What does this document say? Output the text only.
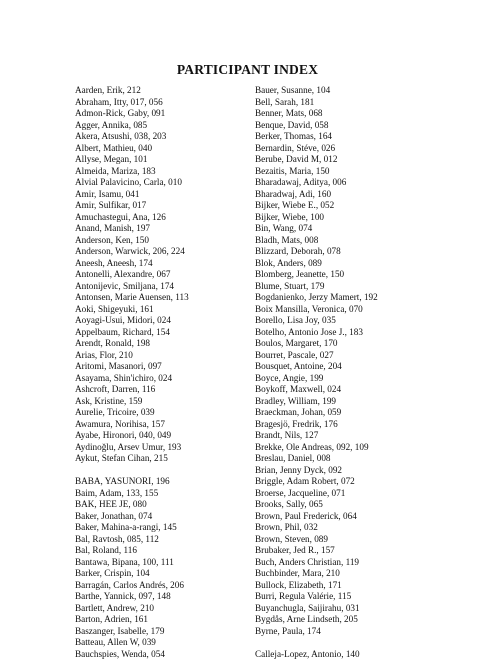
PARTICIPANT INDEX
Aarden, Erik, 212
Abraham, Itty, 017, 056
Admon-Rick, Gaby, 091
Agger, Annika, 085
Akera, Atsushi, 038, 203
Albert, Mathieu, 040
Allyse, Megan, 101
Almeida, Mariza, 183
Alvial Palavicino, Carla, 010
Amir, Isamu, 041
Amir, Sulfikar, 017
Amuchastegui, Ana, 126
Anand, Manish, 197
Anderson, Ken, 150
Anderson, Warwick, 206, 224
Aneesh, Aneesh, 174
Antonelli, Alexandre, 067
Antonijevic, Smiljana, 174
Antonsen, Marie Auensen, 113
Aoki, Shigeyuki, 161
Aoyagi-Usui, Midori, 024
Appelbaum, Richard, 154
Arendt, Ronald, 198
Arias, Flor, 210
Aritomi, Masanori, 097
Asayama, Shin'ichiro, 024
Ashcroft, Darren, 116
Ask, Kristine, 159
Aurelie, Tricoire, 039
Awamura, Norihisa, 157
Ayabe, Hironori, 040, 049
Aydinoğlu, Arsev Umur, 193
Aykut, Stefan Cihan, 215
BABA, YASUNORI, 196
Baim, Adam, 133, 155
BAK, HEE JE, 080
Baker, Jonathan, 074
Baker, Mahina-a-rangi, 145
Bal, Ravtosh, 085, 112
Bal, Roland, 116
Bantawa, Bipana, 100, 111
Barker, Crispin, 104
Barragán, Carlos Andrés, 206
Barthe, Yannick, 097, 148
Bartlett, Andrew, 210
Barton, Adrien, 161
Baszanger, Isabelle, 179
Batteau, Allen W, 039
Bauchspies, Wenda, 054
Bauer, Susanne, 104
Bell, Sarah, 181
Benner, Mats, 068
Benque, David, 058
Berker, Thomas, 164
Bernardin, Stéve, 026
Berube, David M, 012
Bezaitis, Maria, 150
Bharadawaj, Aditya, 006
Bharadwaj, Adi, 160
Bijker, Wiebe E., 052
Bijker, Wiebe, 100
Bin, Wang, 074
Bladh, Mats, 008
Blizzard, Deborah, 078
Blok, Anders, 089
Blomberg, Jeanette, 150
Blume, Stuart, 179
Bogdanienko, Jerzy Mamert, 192
Boix Mansilla, Veronica, 070
Borello, Lisa Joy, 035
Botelho, Antonio Jose J., 183
Boulos, Margaret, 170
Bourret, Pascale, 027
Bousquet, Antoine, 204
Boyce, Angie, 199
Boykoff, Maxwell, 024
Bradley, William, 199
Braeckman, Johan, 059
Bragesjö, Fredrik, 176
Brandt, Nils, 127
Brekke, Ole Andreas, 092, 109
Breslau, Daniel, 008
Brian, Jenny Dyck, 092
Briggle, Adam Robert, 072
Broerse, Jacqueline, 071
Brooks, Sally, 065
Brown, Paul Frederick, 064
Brown, Phil, 032
Brown, Steven, 089
Brubaker, Jed R., 157
Buch, Anders Christian, 119
Buchbinder, Mara, 210
Bullock, Elizabeth, 171
Burri, Regula Valérie, 115
Buyanchugla, Saijirahu, 031
Bygdås, Arne Lindseth, 205
Byrne, Paula, 174
Calleja-Lopez, Antonio, 140
